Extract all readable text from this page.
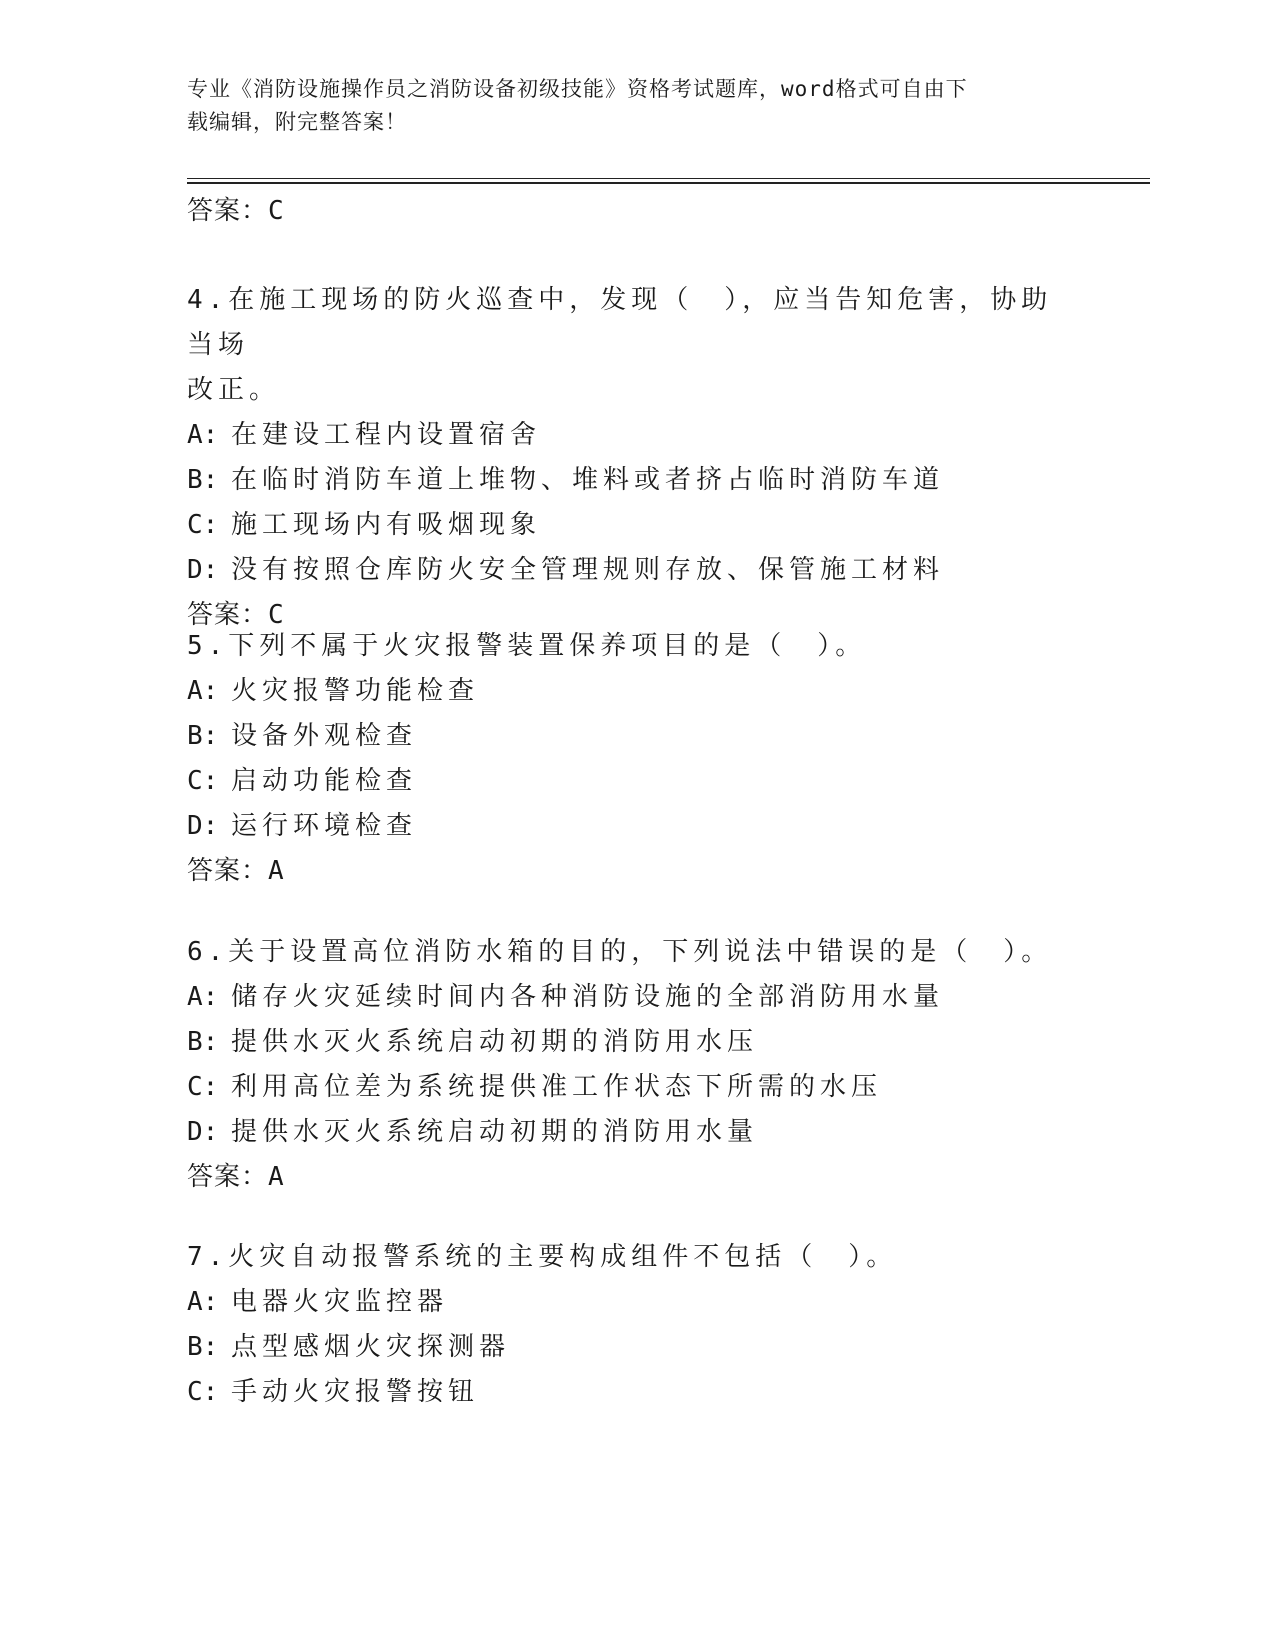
专业《消防设施操作员之消防设备初级技能》资格考试题库，word格式可自由下
载编辑，附完整答案！
答案：C

4.在施工现场的防火巡查中，发现（　），应当告知危害，协助当场

改正。

A: 在建设工程内设置宿舍

B: 在临时消防车道上堆物、堆料或者挤占临时消防车道

C: 施工现场内有吸烟现象

D: 没有按照仓库防火安全管理规则存放、保管施工材料

答案：C

5.下列不属于火灾报警装置保养项目的是（　）。

A: 火灾报警功能检查

B: 设备外观检查

C: 启动功能检查

D: 运行环境检查

答案：A

6.关于设置高位消防水箱的目的，下列说法中错误的是（　）。

A: 储存火灾延续时间内各种消防设施的全部消防用水量

B: 提供水灭火系统启动初期的消防用水压

C: 利用高位差为系统提供准工作状态下所需的水压

D: 提供水灭火系统启动初期的消防用水量

答案：A

7.火灾自动报警系统的主要构成组件不包括（　）。

A: 电器火灾监控器

B: 点型感烟火灾探测器

C: 手动火灾报警按钮
